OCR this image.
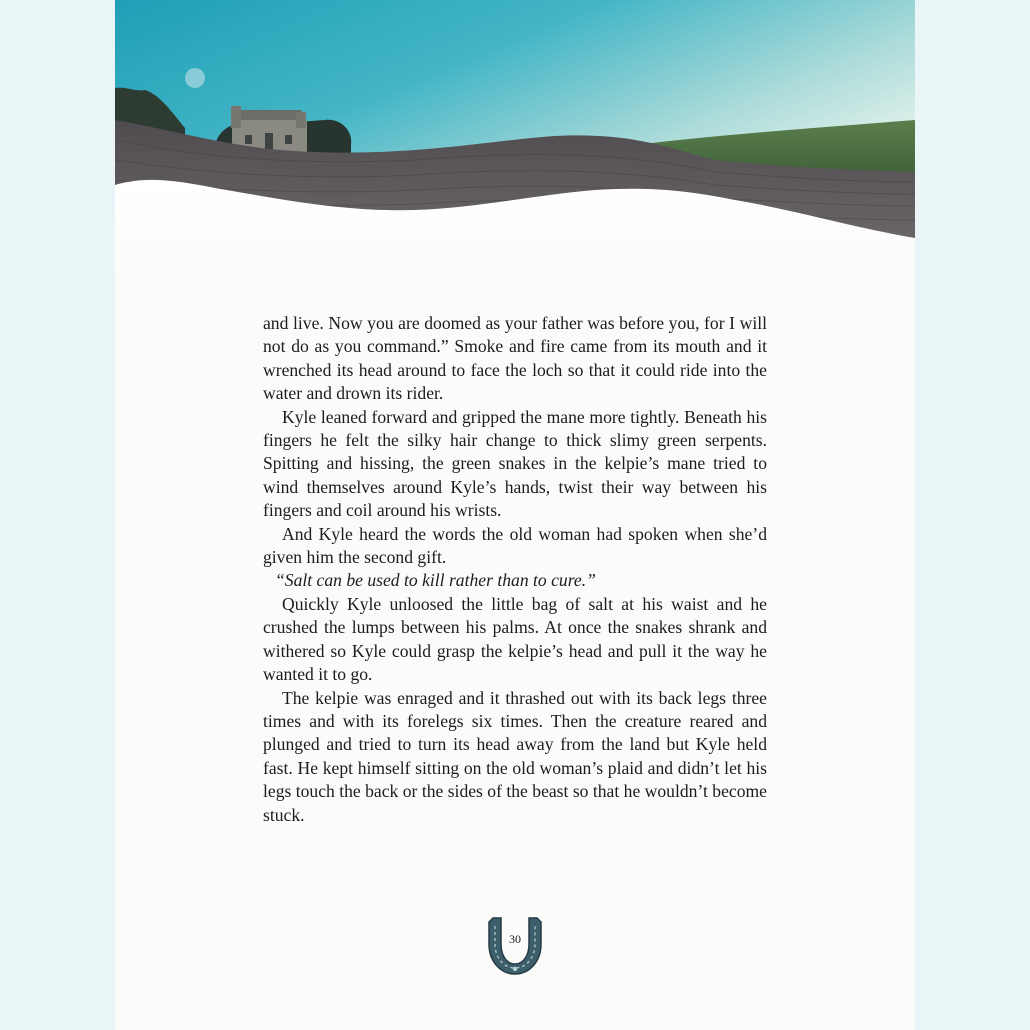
and live. Now you are doomed as your father was before you, for I will not do as you command.” Smoke and fire came from its mouth and it wrenched its head around to face the loch so that it could ride into the water and drown its rider.

Kyle leaned forward and gripped the mane more tightly. Beneath his fingers he felt the silky hair change to thick slimy green serpents. Spitting and hissing, the green snakes in the kelpie’s mane tried to wind themselves around Kyle’s hands, twist their way between his fingers and coil around his wrists.

And Kyle heard the words the old woman had spoken when she’d given him the second gift.

“Salt can be used to kill rather than to cure.”

Quickly Kyle unloosed the little bag of salt at his waist and he crushed the lumps between his palms. At once the snakes shrank and withered so Kyle could grasp the kelpie’s head and pull it the way he wanted it to go.

The kelpie was enraged and it thrashed out with its back legs three times and with its forelegs six times. Then the creature reared and plunged and tried to turn its head away from the land but Kyle held fast. He kept himself sitting on the old woman’s plaid and didn’t let his legs touch the back or the sides of the beast so that he wouldn’t become stuck.

30
